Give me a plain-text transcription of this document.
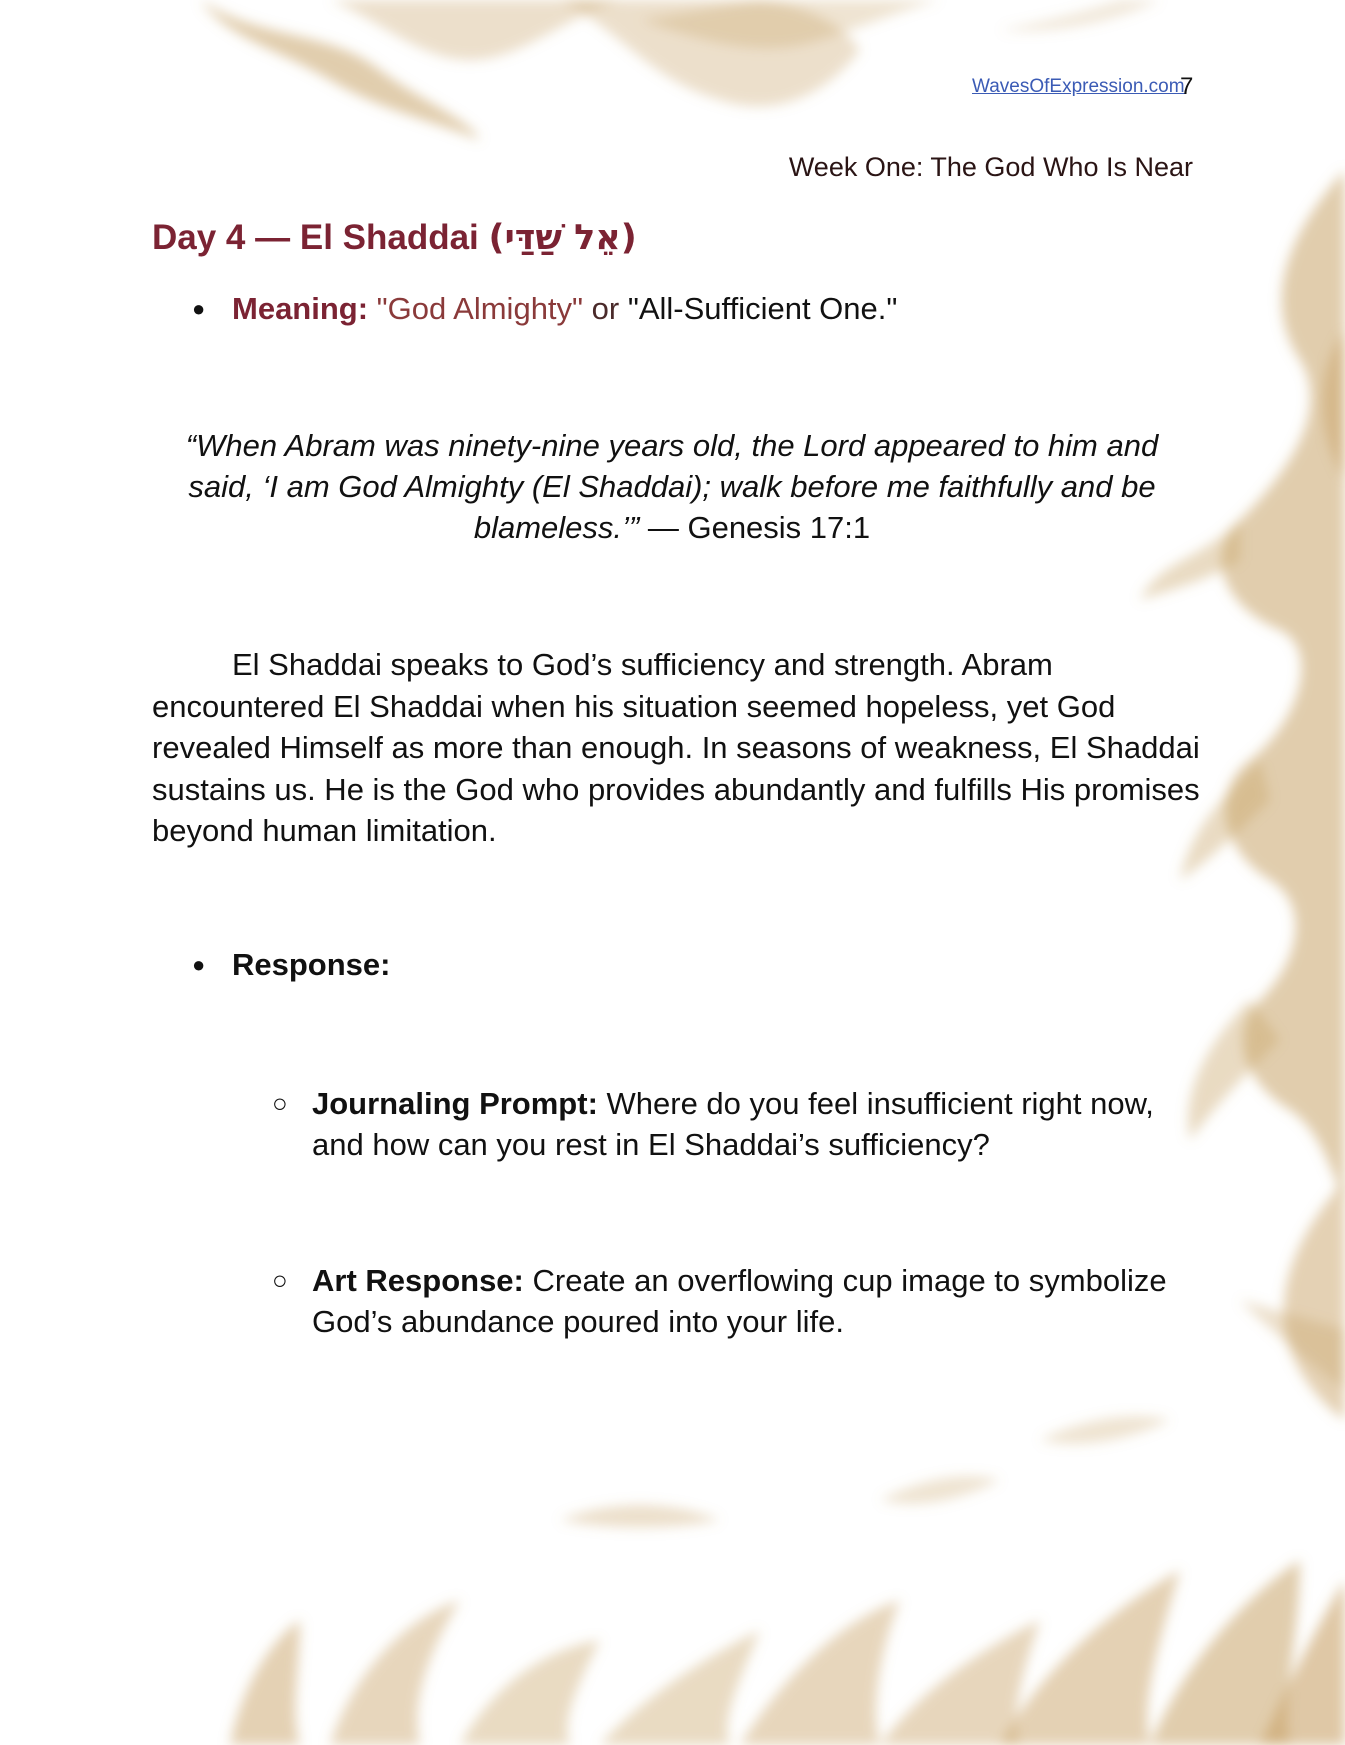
WavesOfExpression.com
7
Week One: The God Who Is Near
Day 4 — El Shaddai (אֵל שַׁדַּי)
● Meaning: "God Almighty" or "All-Sufficient One."
“When Abram was ninety-nine years old, the Lord appeared to him and said, ‘I am God Almighty (El Shaddai); walk before me faithfully and be blameless.’” — Genesis 17:1

El Shaddai speaks to God’s sufficiency and strength. Abram encountered El Shaddai when his situation seemed hopeless, yet God revealed Himself as more than enough. In seasons of weakness, El Shaddai sustains us. He is the God who provides abundantly and fulfills His promises beyond human limitation.

● Response:
○ Journaling Prompt: Where do you feel insufficient right now, and how can you rest in El Shaddai’s sufficiency?
○ Art Response: Create an overflowing cup image to symbolize God’s abundance poured into your life.
